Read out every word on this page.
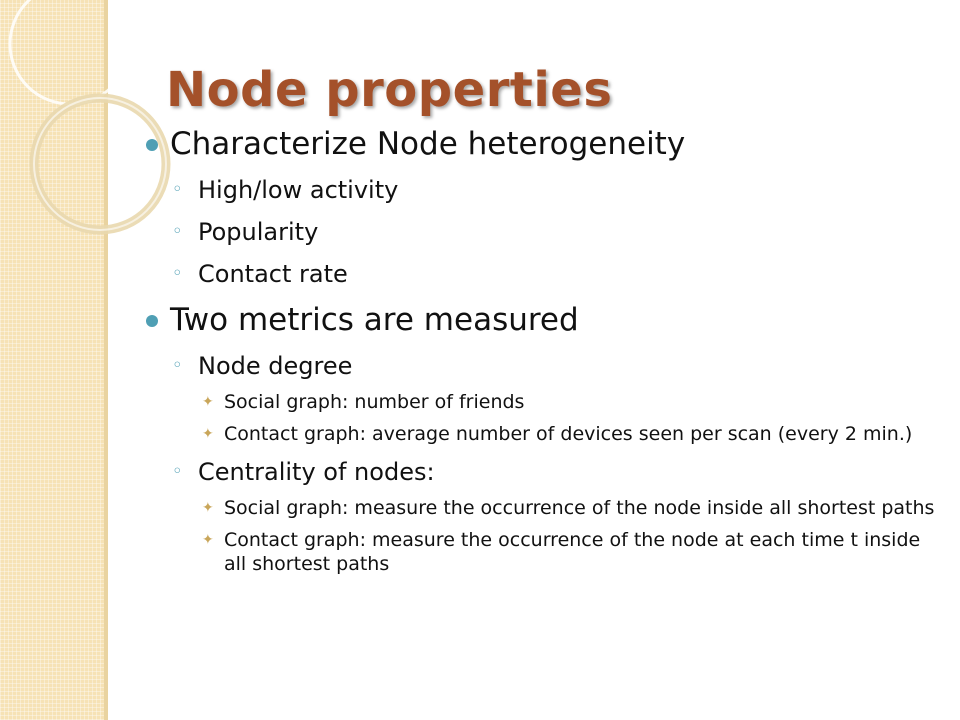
Node properties
Characterize Node heterogeneity
◦ High/low activity
◦ Popularity
◦ Contact rate
Two metrics are measured
◦ Node degree
✦ Social graph: number of friends
✦ Contact graph: average number of devices seen per scan (every 2 min.)
◦ Centrality of nodes:
✦ Social graph: measure the occurrence of the node inside all shortest paths
✦ Contact graph: measure the occurrence of the node at each time t inside all shortest paths
